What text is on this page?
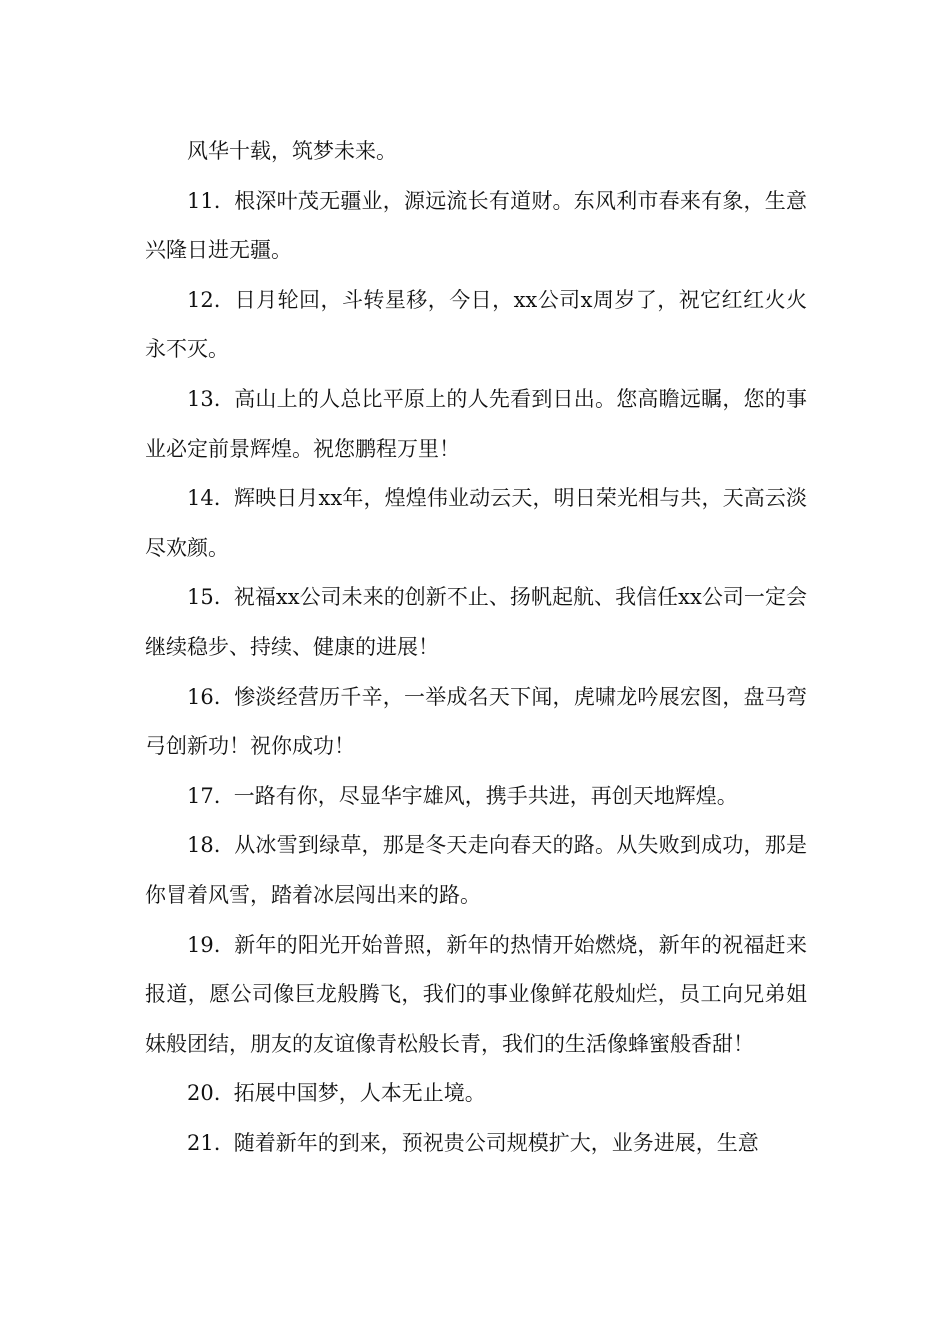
风华十载，筑梦未来。

11. 根深叶茂无疆业，源远流长有道财。东风利市春来有象，生意兴隆日进无疆。

12. 日月轮回，斗转星移，今日，xx公司x周岁了，祝它红红火火永不灭。

13. 高山上的人总比平原上的人先看到日出。您高瞻远瞩，您的事业必定前景辉煌。祝您鹏程万里！

14. 辉映日月xx年，煌煌伟业动云天，明日荣光相与共，天高云淡尽欢颜。

15. 祝福xx公司未来的创新不止、扬帆起航、我信任xx公司一定会继续稳步、持续、健康的进展！

16. 惨淡经营历千辛，一举成名天下闻，虎啸龙吟展宏图，盘马弯弓创新功！祝你成功！

17. 一路有你，尽显华宇雄风，携手共进，再创天地辉煌。

18. 从冰雪到绿草，那是冬天走向春天的路。从失败到成功，那是你冒着风雪，踏着冰层闯出来的路。

19. 新年的阳光开始普照，新年的热情开始燃烧，新年的祝福赶来报道，愿公司像巨龙般腾飞，我们的事业像鲜花般灿烂，员工向兄弟姐妹般团结，朋友的友谊像青松般长青，我们的生活像蜂蜜般香甜！

20. 拓展中国梦，人本无止境。

21. 随着新年的到来，预祝贵公司规模扩大，业务进展，生意
